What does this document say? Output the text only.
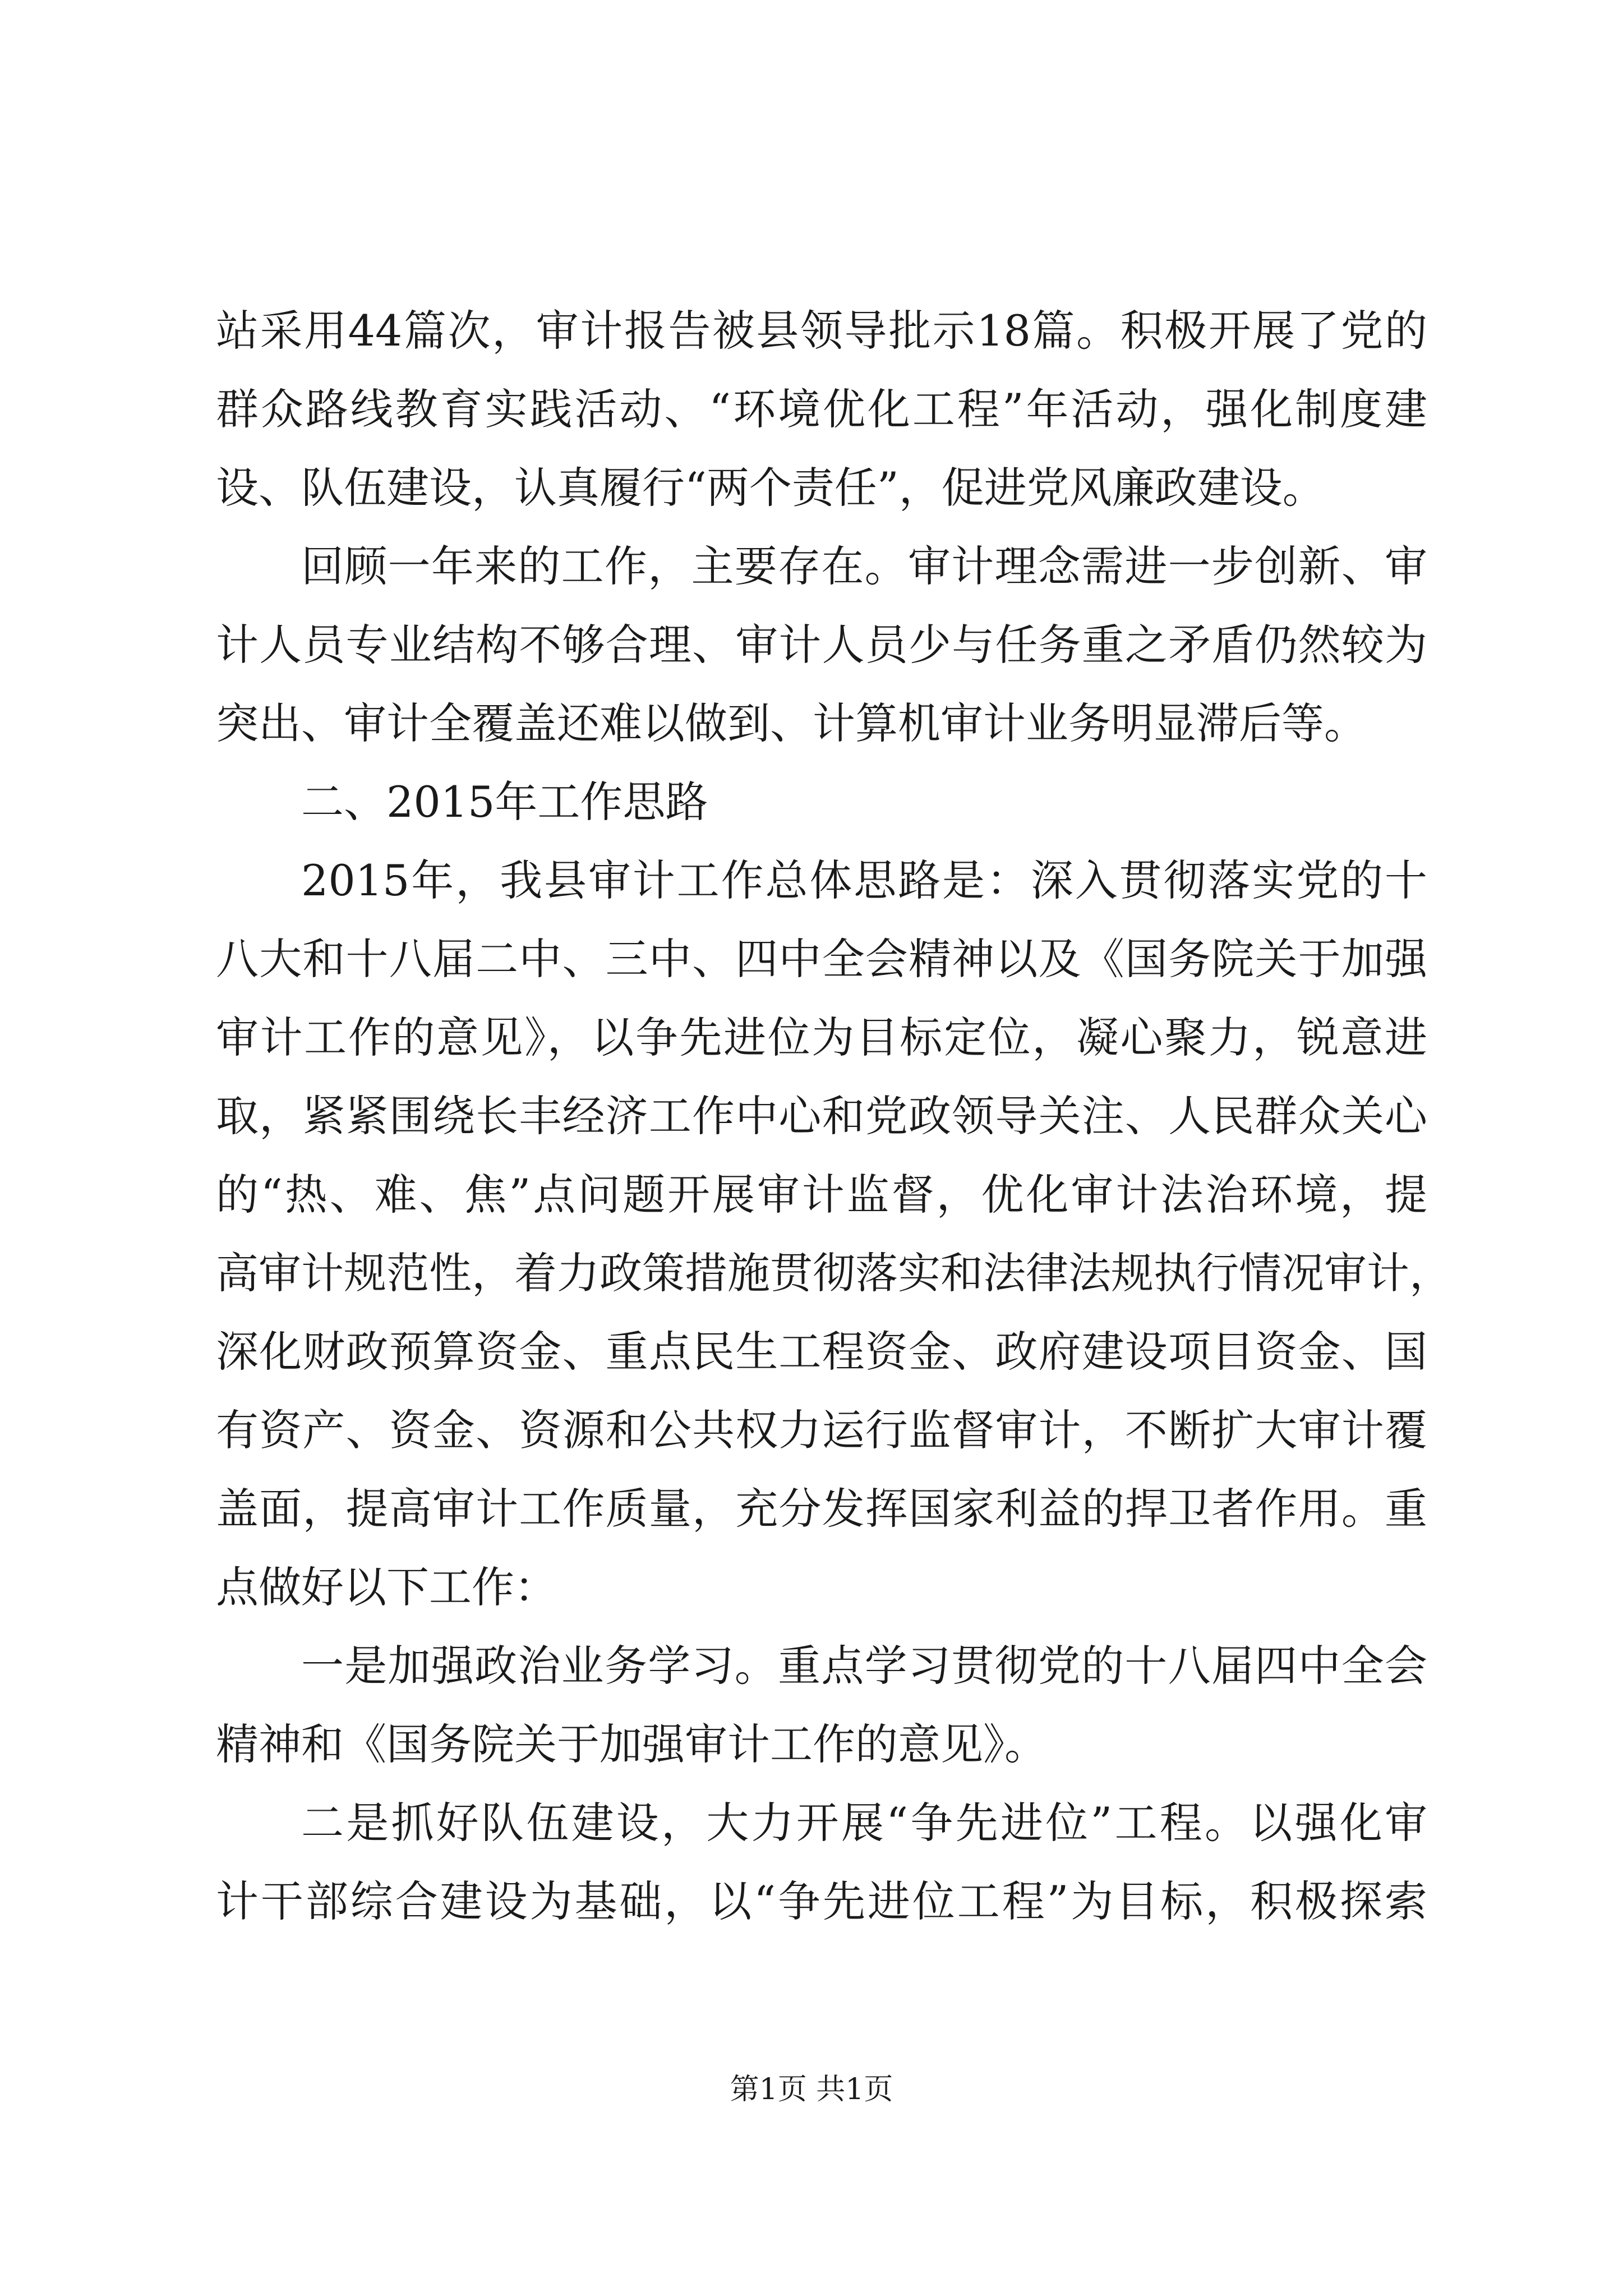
站采用44篇次，审计报告被县领导批示18篇。积极开展了党的
群众路线教育实践活动、“环境优化工程”年活动，强化制度建
设、队伍建设，认真履行“两个责任”，促进党风廉政建设。
回顾一年来的工作，主要存在。审计理念需进一步创新、审
计人员专业结构不够合理、审计人员少与任务重之矛盾仍然较为
突出、审计全覆盖还难以做到、计算机审计业务明显滞后等。
二、2015年工作思路
2015年，我县审计工作总体思路是：深入贯彻落实党的十
八大和十八届二中、三中、四中全会精神以及《国务院关于加强
审计工作的意见》，以争先进位为目标定位，凝心聚力，锐意进
取，紧紧围绕长丰经济工作中心和党政领导关注、人民群众关心
的“热、难、焦”点问题开展审计监督，优化审计法治环境，提
高审计规范性，着力政策措施贯彻落实和法律法规执行情况审计，
深化财政预算资金、重点民生工程资金、政府建设项目资金、国
有资产、资金、资源和公共权力运行监督审计，不断扩大审计覆
盖面，提高审计工作质量，充分发挥国家利益的捍卫者作用。重
点做好以下工作：
一是加强政治业务学习。重点学习贯彻党的十八届四中全会
精神和《国务院关于加强审计工作的意见》。
二是抓好队伍建设，大力开展“争先进位”工程。以强化审
计干部综合建设为基础，以“争先进位工程”为目标，积极探索
第1页 共1页
